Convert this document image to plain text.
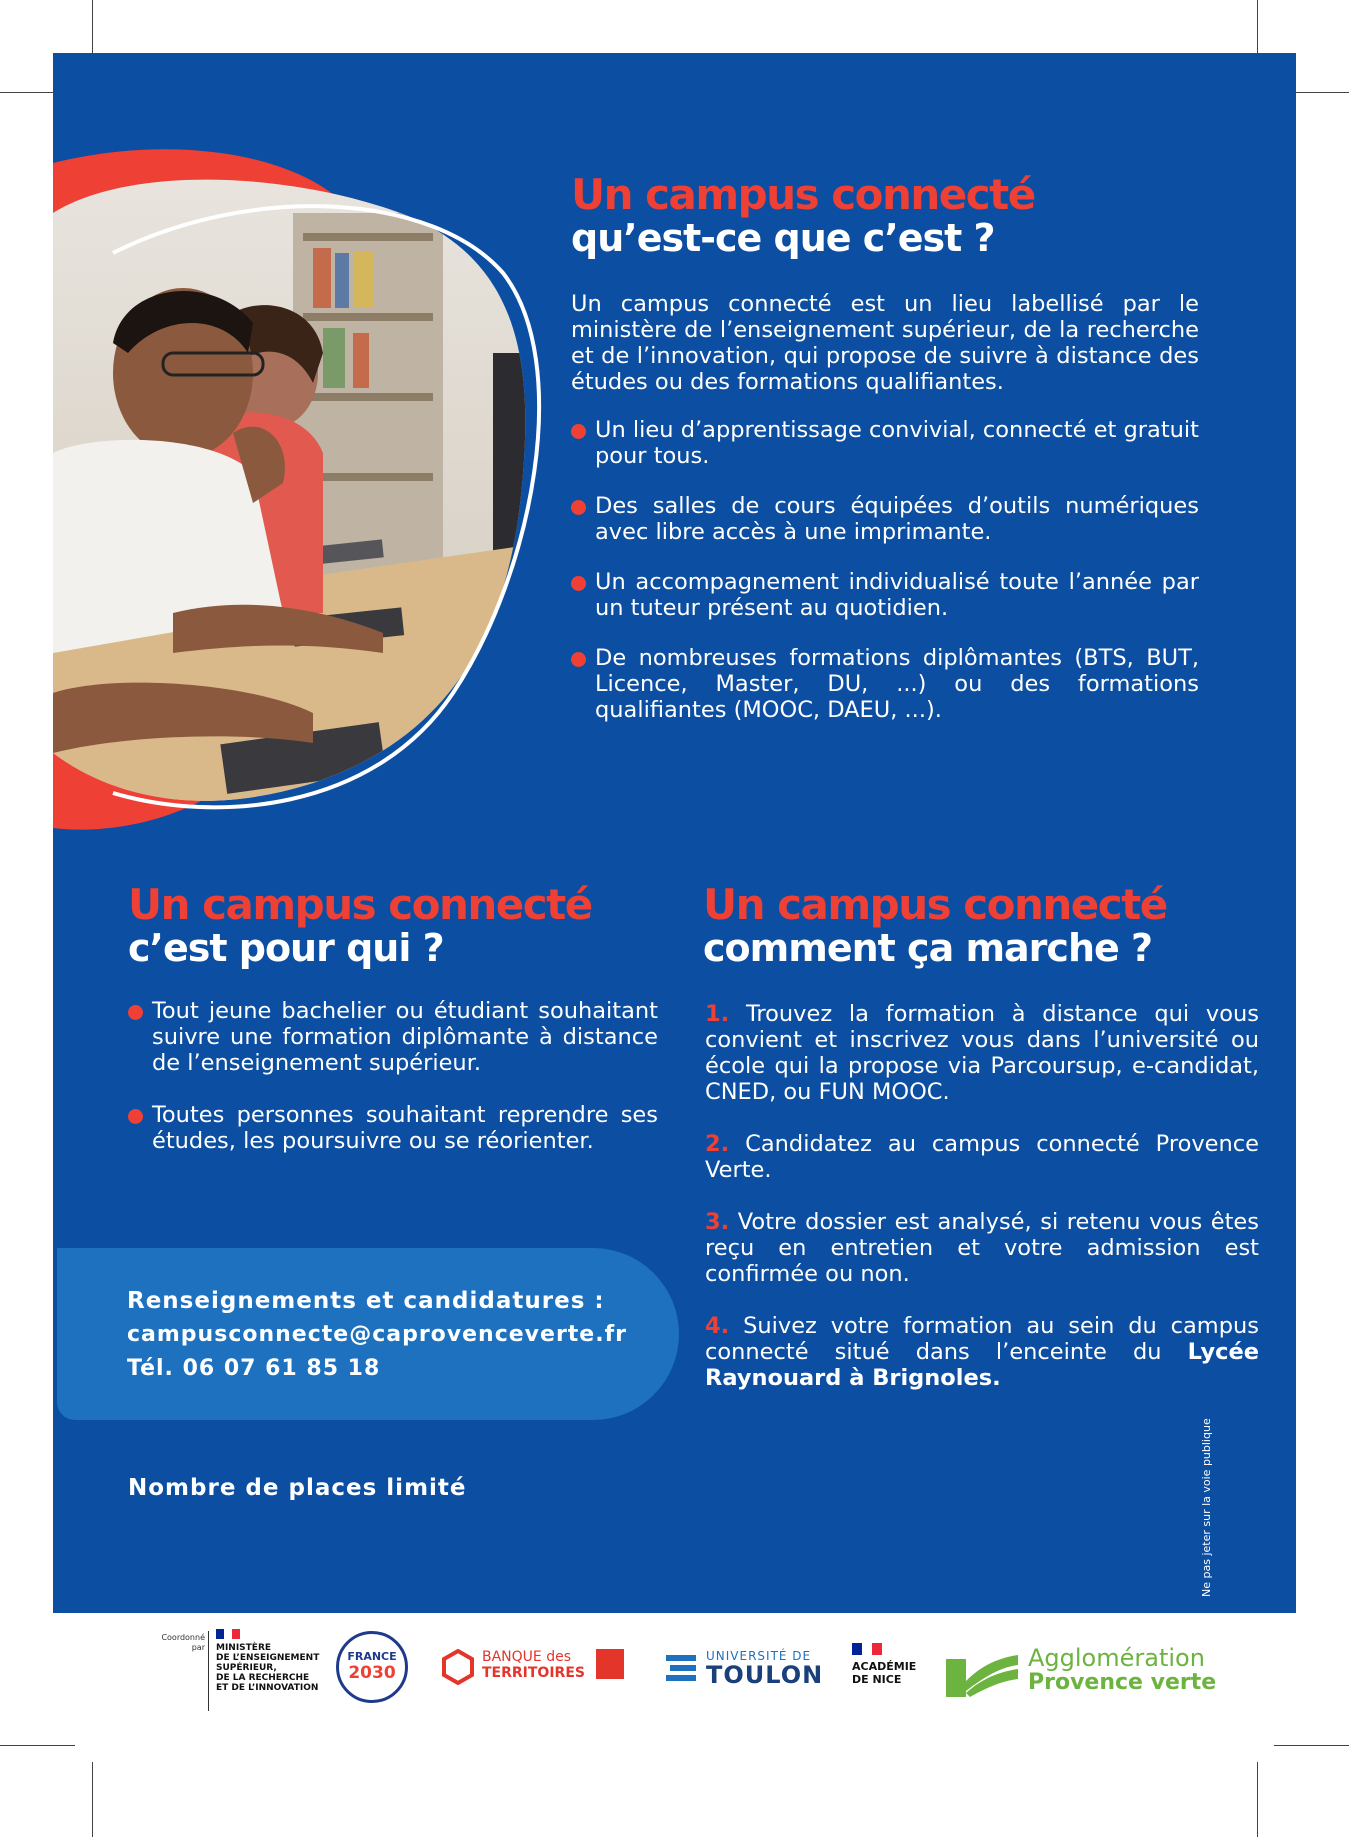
Un campus connecté
qu’est-ce que c’est ?

Un campus connecté est un lieu labellisé par le ministère de l’enseignement supérieur, de la recherche et de l’innovation, qui propose de suivre à distance des études ou des formations qualifiantes.

Un lieu d’apprentissage convivial, connecté et gratuit pour tous.
Des salles de cours équipées d’outils numériques avec libre accès à une imprimante.
Un accompagnement individualisé toute l’année par un tuteur présent au quotidien.
De nombreuses formations diplômantes (BTS, BUT, Licence, Master, DU, ...) ou des formations qualifiantes (MOOC, DAEU, ...).
Un campus connecté
c’est pour qui ?
Tout jeune bachelier ou étudiant souhaitant suivre une formation diplômante à distance de l’enseignement supérieur.
Toutes personnes souhaitant reprendre ses études, les poursuivre ou se réorienter.
Un campus connecté
comment ça marche ?

1. Trouvez la formation à distance qui vous convient et inscrivez vous dans l’université ou école qui la propose via Parcoursup, e-candidat, CNED, ou FUN MOOC.

2. Candidatez au campus connecté Provence Verte.

3. Votre dossier est analysé, si retenu vous êtes reçu en entretien et votre admission est confirmée ou non.

4. Suivez votre formation au sein du campus connecté situé dans l’enceinte du Lycée Raynouard à Brignoles.

Renseignements et candidatures :
campusconnecte@caprovenceverte.fr
Tél. 06 07 61 85 18
Nombre de places limité	Ne pas jeter sur la voie publique
Coordonné par MINISTÈRE
DE L’ENSEIGNEMENT
SUPÉRIEUR,
DE LA RECHERCHE
ET DE L’INNOVATION
FRANCE
2030
BANQUE des
TERRITOIRES
UNIVERSITÉ DE
TOULON	ACADÉMIE
DE NICE
Agglomération
Provence verte
